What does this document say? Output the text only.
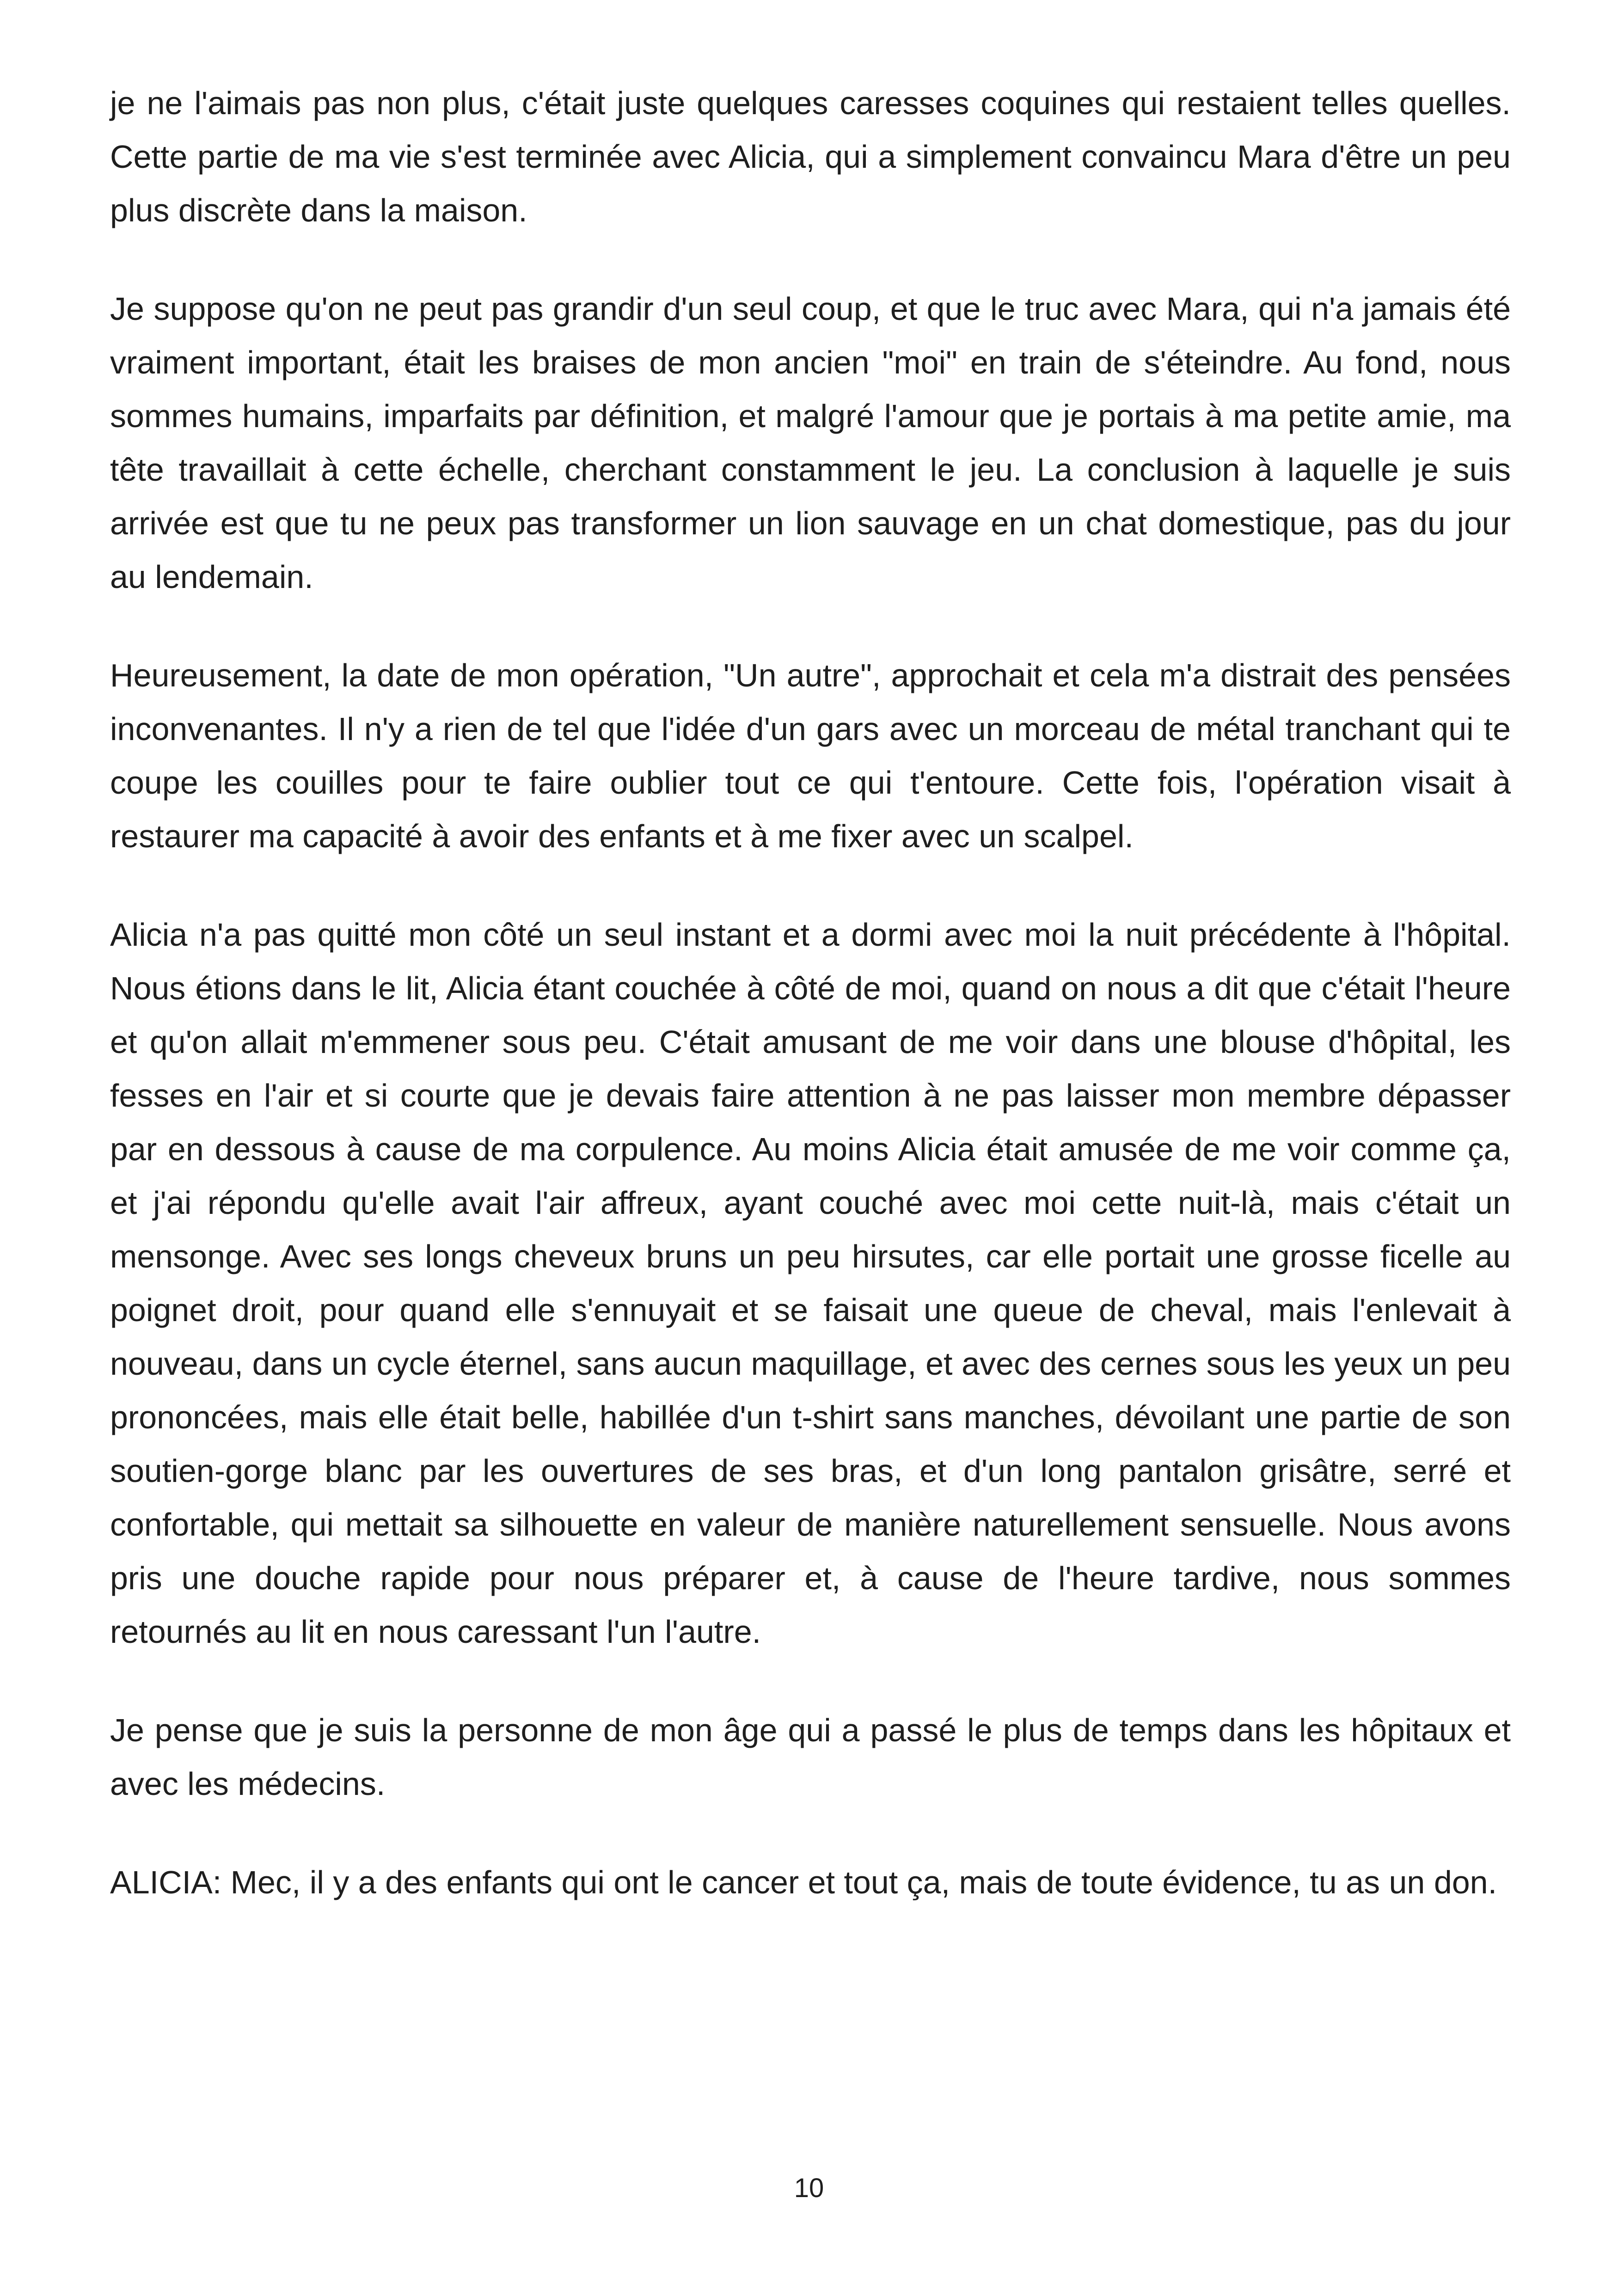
je ne l'aimais pas non plus, c'était juste quelques caresses coquines qui restaient telles quelles. Cette partie de ma vie s'est terminée avec Alicia, qui a simplement convaincu Mara d'être un peu plus discrète dans la maison.

Je suppose qu'on ne peut pas grandir d'un seul coup, et que le truc avec Mara, qui n'a jamais été vraiment important, était les braises de mon ancien "moi" en train de s'éteindre. Au fond, nous sommes humains, imparfaits par définition, et malgré l'amour que je portais à ma petite amie, ma tête travaillait à cette échelle, cherchant constamment le jeu. La conclusion à laquelle je suis arrivée est que tu ne peux pas transformer un lion sauvage en un chat domestique, pas du jour au lendemain.

Heureusement, la date de mon opération, "Un autre", approchait et cela m'a distrait des pensées inconvenantes. Il n'y a rien de tel que l'idée d'un gars avec un morceau de métal tranchant qui te coupe les couilles pour te faire oublier tout ce qui t'entoure. Cette fois, l'opération visait à restaurer ma capacité à avoir des enfants et à me fixer avec un scalpel.

Alicia n'a pas quitté mon côté un seul instant et a dormi avec moi la nuit précédente à l'hôpital. Nous étions dans le lit, Alicia étant couchée à côté de moi, quand on nous a dit que c'était l'heure et qu'on allait m'emmener sous peu. C'était amusant de me voir dans une blouse d'hôpital, les fesses en l'air et si courte que je devais faire attention à ne pas laisser mon membre dépasser par en dessous à cause de ma corpulence. Au moins Alicia était amusée de me voir comme ça, et j'ai répondu qu'elle avait l'air affreux, ayant couché avec moi cette nuit-là, mais c'était un mensonge. Avec ses longs cheveux bruns un peu hirsutes, car elle portait une grosse ficelle au poignet droit, pour quand elle s'ennuyait et se faisait une queue de cheval, mais l'enlevait à nouveau, dans un cycle éternel, sans aucun maquillage, et avec des cernes sous les yeux un peu prononcées, mais elle était belle, habillée d'un t-shirt sans manches, dévoilant une partie de son soutien-gorge blanc par les ouvertures de ses bras, et d'un long pantalon grisâtre, serré et confortable, qui mettait sa silhouette en valeur de manière naturellement sensuelle. Nous avons pris une douche rapide pour nous préparer et, à cause de l'heure tardive, nous sommes retournés au lit en nous caressant l'un l'autre.

Je pense que je suis la personne de mon âge qui a passé le plus de temps dans les hôpitaux et avec les médecins.

ALICIA: Mec, il y a des enfants qui ont le cancer et tout ça, mais de toute évidence, tu as un don.

10
